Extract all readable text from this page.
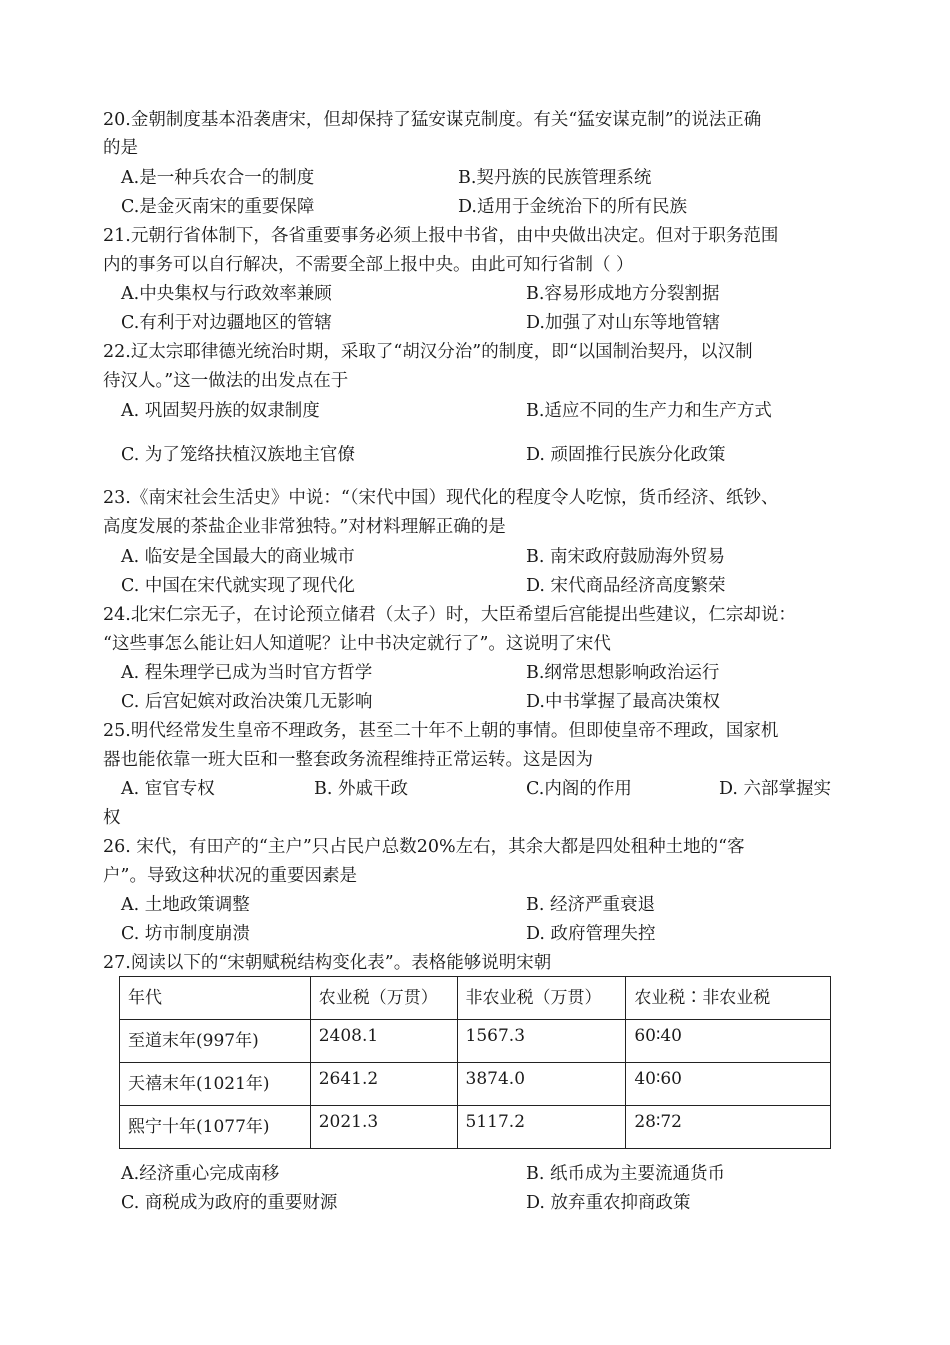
20.金朝制度基本沿袭唐宋，但却保持了猛安谋克制度。有关“猛安谋克制”的说法正确
的是
A.是一种兵农合一的制度	B.契丹族的民族管理系统
C.是金灭南宋的重要保障	D.适用于金统治下的所有民族
21.元朝行省体制下，各省重要事务必须上报中书省，由中央做出决定。但对于职务范围
内的事务可以自行解决，不需要全部上报中央。由此可知行省制（ ）
A.中央集权与行政效率兼顾	B.容易形成地方分裂割据
C.有利于对边疆地区的管辖	D.加强了对山东等地管辖
22.辽太宗耶律德光统治时期，采取了“胡汉分治”的制度，即“以国制治契丹，以汉制
待汉人。”这一做法的出发点在于
A. 巩固契丹族的奴隶制度	B.适应不同的生产力和生产方式
C. 为了笼络扶植汉族地主官僚	D. 顽固推行民族分化政策
23.《南宋社会生活史》中说：“（宋代中国）现代化的程度令人吃惊，货币经济、纸钞、
高度发展的茶盐企业非常独特。”对材料理解正确的是
A. 临安是全国最大的商业城市	B. 南宋政府鼓励海外贸易
C. 中国在宋代就实现了现代化	D. 宋代商品经济高度繁荣
24.北宋仁宗无子，在讨论预立储君（太子）时，大臣希望后宫能提出些建议，仁宗却说：
“这些事怎么能让妇人知道呢？让中书决定就行了”。这说明了宋代
A. 程朱理学已成为当时官方哲学	B.纲常思想影响政治运行
C. 后宫妃嫔对政治决策几无影响	D.中书掌握了最高决策权
25.明代经常发生皇帝不理政务，甚至二十年不上朝的事情。但即使皇帝不理政，国家机
器也能依靠一班大臣和一整套政务流程维持正常运转。这是因为
A. 宦官专权	B. 外戚干政	C.内阁的作用	D. 六部掌握实
权
26. 宋代，有田产的“主户”只占民户总数20%左右，其余大都是四处租种土地的“客
户”。导致这种状况的重要因素是
A. 土地政策调整	B. 经济严重衰退
C. 坊市制度崩溃	D. 政府管理失控
27.阅读以下的“宋朝赋税结构变化表”。表格能够说明宋朝
年代	农业税（万贯）	非农业税（万贯）	农业税∶非农业税
至道末年(997年)	2408.1	1567.3	60∶40
天禧末年(1021年)	2641.2	3874.0	40∶60
熙宁十年(1077年)	2021.3	5117.2	28∶72
A.经济重心完成南移	B. 纸币成为主要流通货币
C. 商税成为政府的重要财源	D. 放弃重农抑商政策
